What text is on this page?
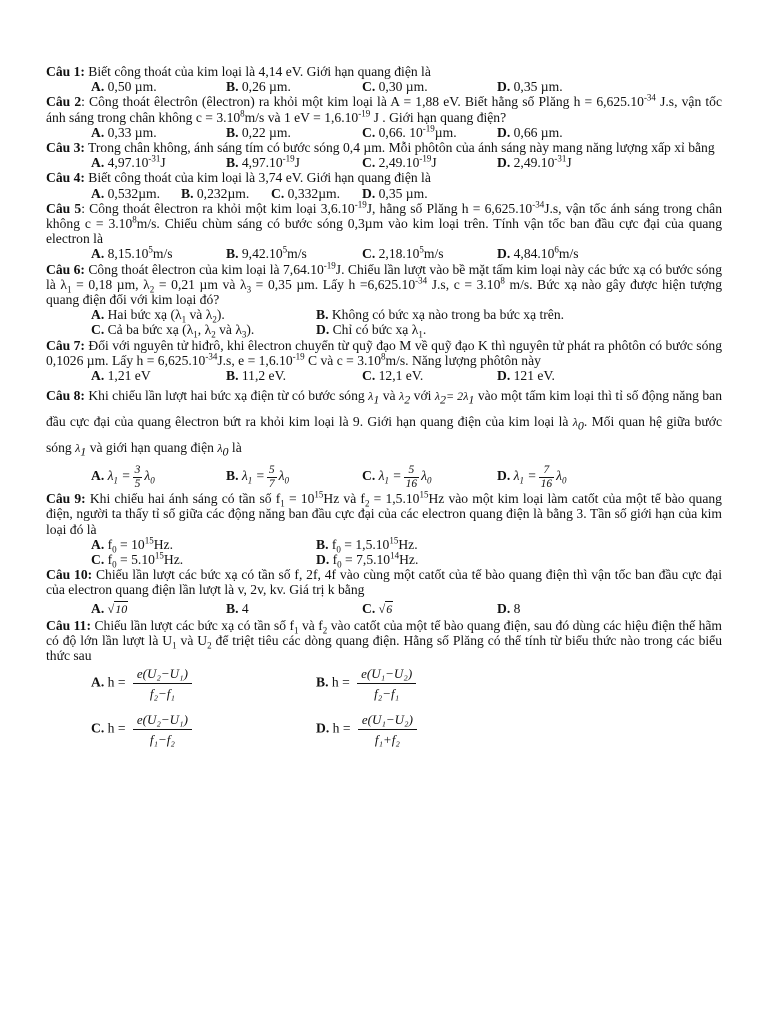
Câu 1: Biết công thoát của kim loại là 4,14 eV. Giới hạn quang điện là
A. 0,50 µm.	B. 0,26 µm.	C. 0,30 µm.	D. 0,35 µm.
Câu 2: Công thoát êlectrôn (êlectron) ra khỏi một kim loại là A = 1,88 eV. Biết hằng số Plăng $h = 6,625.10^{-34}$ J.s, vận tốc ánh sáng trong chân không $c = 3.10^8m/s$ và 1 eV = $1,6.10^{-19}$ J . Giới hạn quang điện?
A. 0,33 µm.	B. 0,22 µm.	C. 0,66. $10^{-19}\mu m$.	D. 0,66 µm.
Câu 3: Trong chân không, ánh sáng tím có bước sóng 0,4 µm. Mỗi phôtôn của ánh sáng này mang năng lượng xấp xỉ bằng
A. $4,97.10^{-31}J$	B. $4,97.10^{-19}J$	C. $2,49.10^{-19}J$	D. $2,49.10^{-31}J$
Câu 4: Biết công thoát của kim loại là 3,74 eV. Giới hạn quang điện là
A. 0,532µm. B. 0,232µm. C. 0,332µm. D. 0,35 µm.
Câu 5: Công thoát êlectron ra khỏi một kim loại $3,6.10^{-19}J$, hằng số Plăng $h = 6,625.10^{-34}J.s$, vận tốc ánh sáng trong chân không $c = 3.10^8m/s$. Chiếu chùm sáng có bước sóng 0,3µm vào kim loại trên. Tính vận tốc ban đầu cực đại của quang electron là
A. 8,15.10$^5$m/s	B. 9,42.10$^5$m/s	C. 2,18.10$^5$m/s	D. 4,84.10$^6$m/s
Câu 6: Công thoát êlectron của kim loại là $7,64.10^{-19}J$. Chiếu lần lượt vào bề mặt tấm kim loại này các bức xạ có bước sóng là $\lambda_1 = 0,18$ µm, $\lambda_2 = 0,21$ µm và $\lambda_3 = 0,35$ µm. Lấy $h =6,625.10^{-34}$ J.s, $c = 3.10^8$ m/s. Bức xạ nào gây được hiện tượng quang điện đối với kim loại đó?
A. Hai bức xạ ($\lambda_1$ và $\lambda_2$).	B. Không có bức xạ nào trong ba bức xạ trên.
C. Cả ba bức xạ ($\lambda_1$, $\lambda_2$ và $\lambda_3$).	D. Chỉ có bức xạ $\lambda_1$.
Câu 7: Đối với nguyên tử hiđrô, khi êlectron chuyển từ quỹ đạo M về quỹ đạo K thì nguyên tử phát ra phôtôn có bước sóng 0,1026 µm. Lấy $h = 6,625.10^{-34}J.s$, $e = 1,6.10^{-19}$ C và $c = 3.10^8m/s$. Năng lượng phôtôn này
A. 1,21 eV	B. 11,2 eV.	C. 12,1 eV.	D. 121 eV.
Câu 8: Khi chiếu lần lượt hai bức xạ điện từ có bước sóng $\lambda_1$ và $\lambda_2$ với $\lambda_2= 2\lambda_1$ vào một tấm kim loại thì tỉ số động năng ban đầu cực đại của quang êlectron bứt ra khỏi kim loại là 9. Giới hạn quang điện của kim loại là $\lambda_0$. Mối quan hệ giữa bước sóng $\lambda_1$ và giới hạn quang điện $\lambda_0$ là
A. $\lambda_1 = \frac{3}{5} \lambda_0$	B. $\lambda_1 = \frac{5}{7} \lambda_0$	C. $\lambda_1 = \frac{5}{16} \lambda_0$	D. $\lambda_1 = \frac{7}{16} \lambda_0$
Câu 9: Khi chiếu hai ánh sáng có tần số $f_1 = 10^{15}Hz$ và $f_2 = 1,5.10^{15}Hz$ vào một kim loại làm catốt của một tế bào quang điện, người ta thấy tỉ số giữa các động năng ban đầu cực đại của các electron quang điện là bằng 3. Tần số giới hạn của kim loại đó là
A. $f_0 = 10^{15}Hz$.	B. $f_0 = 1,5.10^{15}Hz$.
C. $f_0 = 5.10^{15}Hz$.	D. $f_0 = 7,5.10^{14}Hz$.
Câu 10: Chiếu lần lượt các bức xạ có tần số f, 2f, 4f vào cùng một catốt của tế bào quang điện thì vận tốc ban đầu cực đại của electron quang điện lần lượt là v, 2v, kv. Giá trị k bằng
A. √10	B. 4	C. √6	D. 8
Câu 11: Chiếu lần lượt các bức xạ có tần số $f_1$ và $f_2$ vào catốt của một tế bào quang điện, sau đó dùng các hiệu điện thế hãm có độ lớn lần lượt là $U_1$ và $U_2$ để triệt tiêu các dòng quang điện. Hằng số Plăng có thể tính từ biểu thức nào trong các biểu thức sau
A. $h = \frac{\text{e(U₂−U₁)}}{\text{f₂−f₁}}$	B. $h = \frac{\text{e(U₁−U₂)}}{\text{f₂−f₁}}$
C. $h = \frac{\text{e(U₂−U₁)}}{\text{f₁−f₂}}$	D. $h = \frac{\text{e(U₁−U₂)}}{\text{f₁+f₂}}$
